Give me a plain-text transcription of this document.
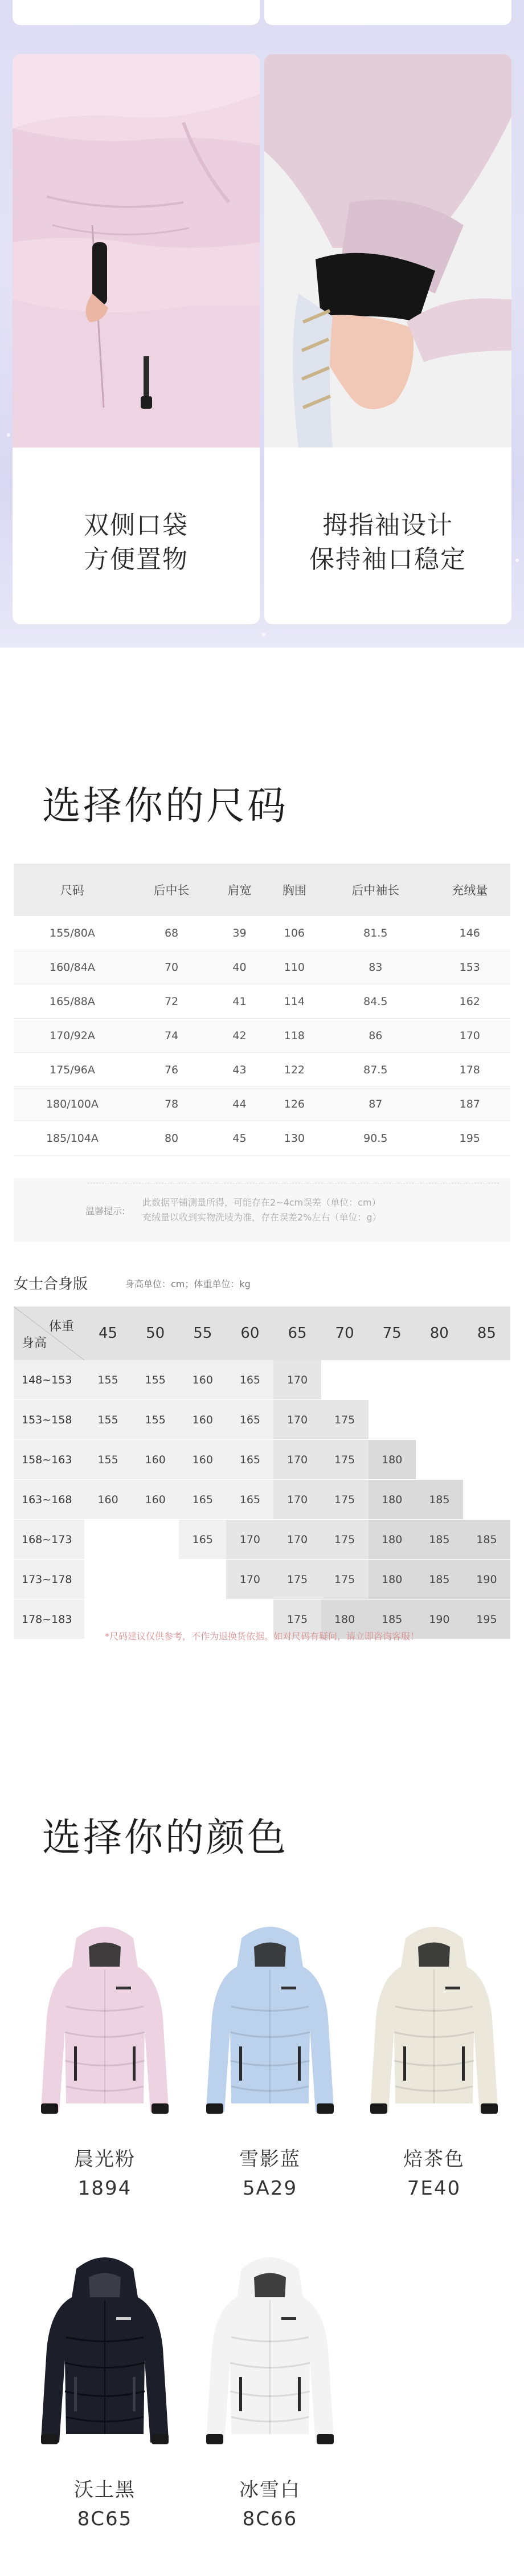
双侧口袋
方便置物
拇指袖设计
保持袖口稳定
选择你的尺码
尺码	后中长	肩宽	胸围	后中袖长	充绒量
155/80A	68	39	106	81.5	146
160/84A	70	40	110	83	153
165/88A	72	41	114	84.5	162
170/92A	74	42	118	86	170
175/96A	76	43	122	87.5	178
180/100A	78	44	126	87	187
185/104A	80	45	130	90.5	195
温馨提示:
此数据平铺测量所得，可能存在2~4cm误差（单位：cm）
充绒量以收到实物洗唛为准，存在误差2%左右（单位：g）
女士合身版	身高单位：cm；体重单位：kg
体重
身高	45	50	55	60	65	70	75	80	85
148~153	155	155	160	165	170				
153~158	155	155	160	165	170	175			
158~163	155	160	160	165	170	175	180		
163~168	160	160	165	165	170	175	180	185	
168~173			165	170	170	175	180	185	185
173~178				170	175	175	180	185	190
178~183					175	180	185	190	195
*尺码建议仅供参考，不作为退换货依据。如对尺码有疑问，请立即咨询客服！
选择你的颜色
晨光粉
1894
雪影蓝
5A29
焙茶色
7E40
沃土黑
8C65
冰雪白
8C66
